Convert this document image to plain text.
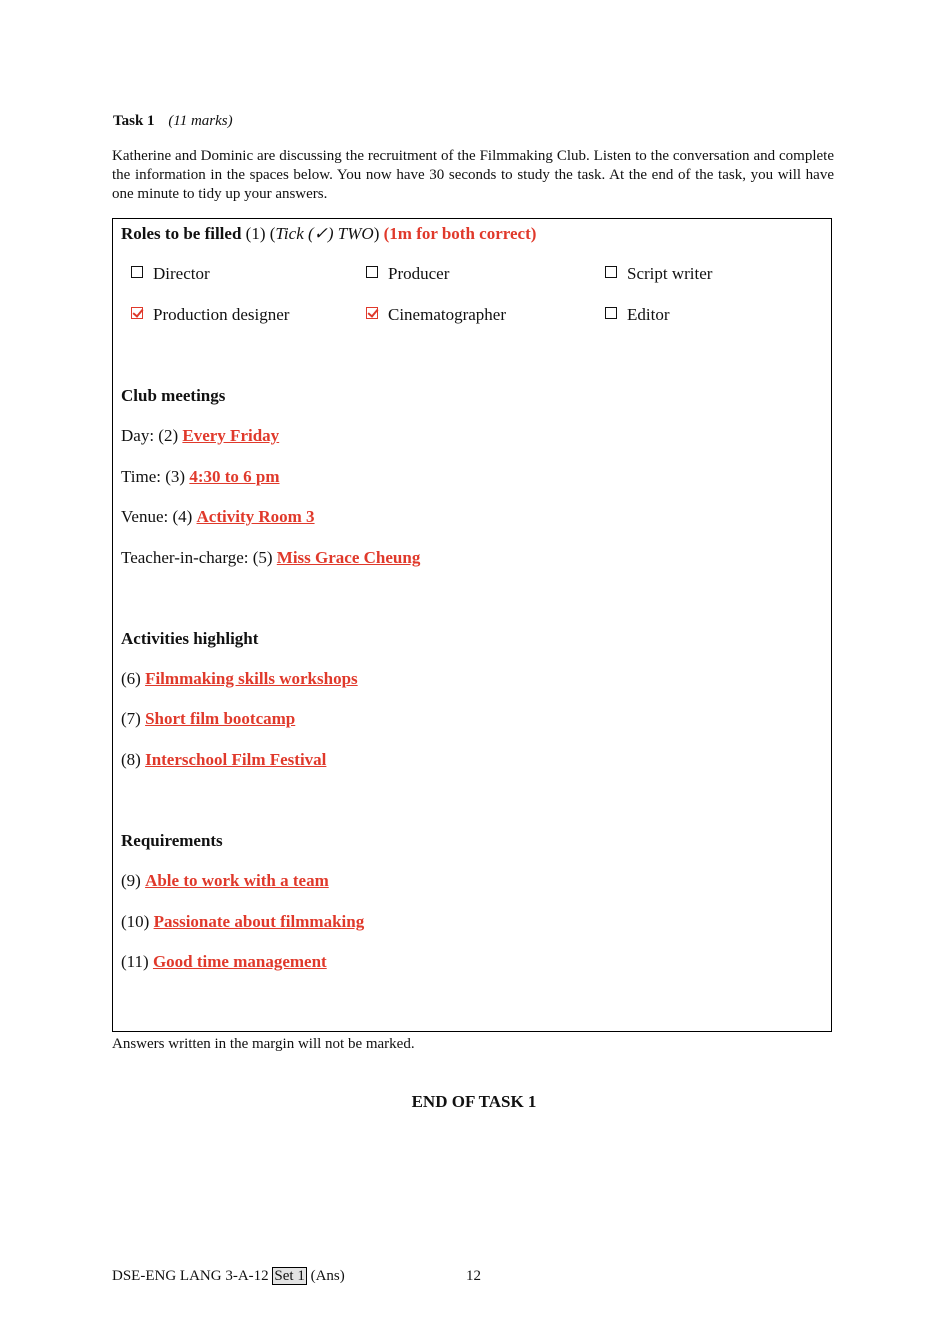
Task 1 (11 marks)
Katherine and Dominic are discussing the recruitment of the Filmmaking Club. Listen to the conversation and complete the information in the spaces below. You now have 30 seconds to study the task. At the end of the task, you will have one minute to tidy up your answers.
Roles to be filled (1) (Tick (✓) TWO) (1m for both correct)
Director	Producer	Script writer
Production designer	Cinematographer	Editor
Club meetings
Day: (2) Every Friday
Time: (3) 4:30 to 6 pm
Venue: (4) Activity Room 3
Teacher-in-charge: (5) Miss Grace Cheung
Activities highlight
(6) Filmmaking skills workshops
(7) Short film bootcamp
(8) Interschool Film Festival
Requirements
(9) Able to work with a team
(10) Passionate about filmmaking
(11) Good time management
Answers written in the margin will not be marked.
END OF TASK 1
DSE-ENG LANG 3-A-12 Set 1 (Ans)	12
